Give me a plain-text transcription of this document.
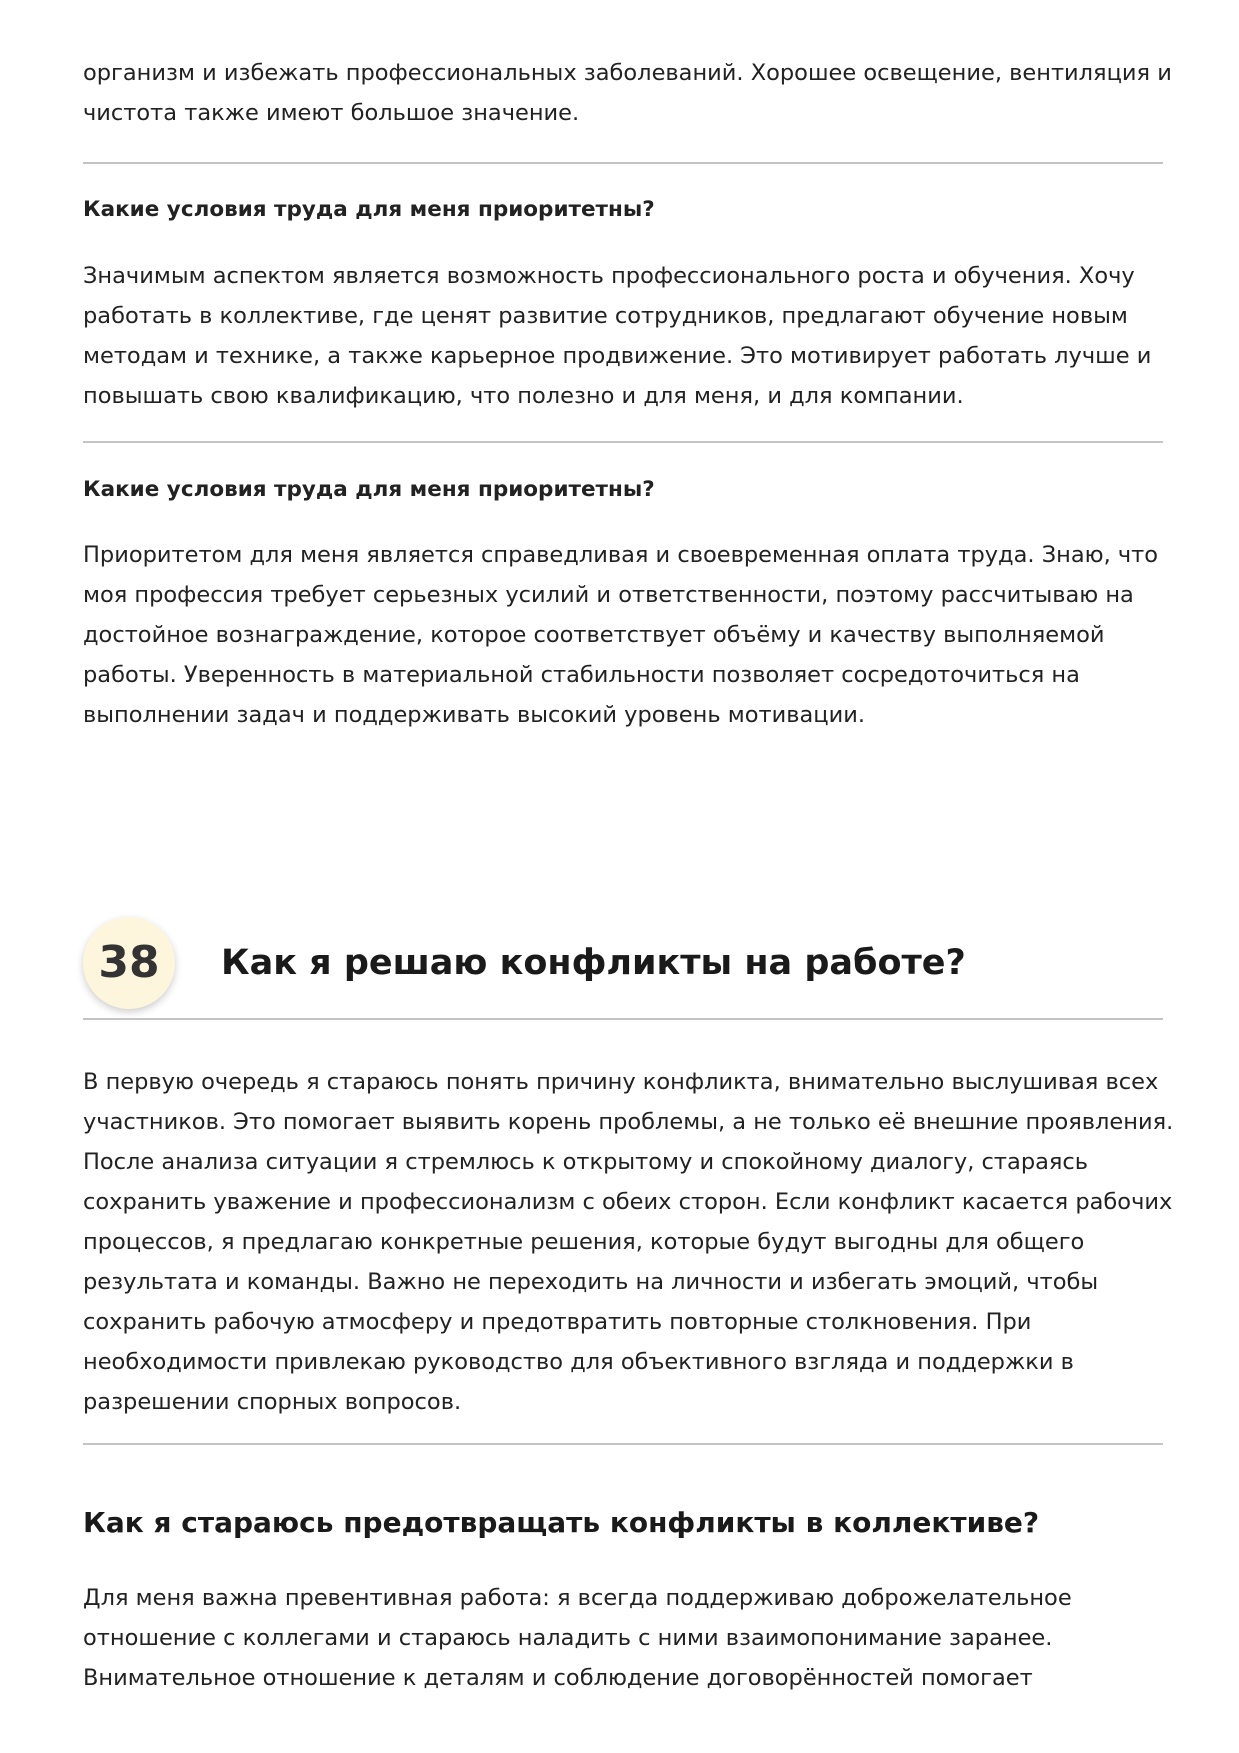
организм и избежать профессиональных заболеваний. Хорошее освещение, вентиляция и

чистота также имеют большое значение.

Какие условия труда для меня приоритетны?

Значимым аспектом является возможность профессионального роста и обучения. Хочу

работать в коллективе, где ценят развитие сотрудников, предлагают обучение новым

методам и технике, а также карьерное продвижение. Это мотивирует работать лучше и

повышать свою квалификацию, что полезно и для меня, и для компании.

Какие условия труда для меня приоритетны?

Приоритетом для меня является справедливая и своевременная оплата труда. Знаю, что

моя профессия требует серьезных усилий и ответственности, поэтому рассчитываю на

достойное вознаграждение, которое соответствует объёму и качеству выполняемой

работы. Уверенность в материальной стабильности позволяет сосредоточиться на

выполнении задач и поддерживать высокий уровень мотивации.

38	Как я решаю конфликты на работе?

В первую очередь я стараюсь понять причину конфликта, внимательно выслушивая всех

участников. Это помогает выявить корень проблемы, а не только её внешние проявления.

После анализа ситуации я стремлюсь к открытому и спокойному диалогу, стараясь

сохранить уважение и профессионализм с обеих сторон. Если конфликт касается рабочих

процессов, я предлагаю конкретные решения, которые будут выгодны для общего

результата и команды. Важно не переходить на личности и избегать эмоций, чтобы

сохранить рабочую атмосферу и предотвратить повторные столкновения. При

необходимости привлекаю руководство для объективного взгляда и поддержки в

разрешении спорных вопросов.

Как я стараюсь предотвращать конфликты в коллективе?

Для меня важна превентивная работа: я всегда поддерживаю доброжелательное

отношение с коллегами и стараюсь наладить с ними взаимопонимание заранее.

Внимательное отношение к деталям и соблюдение договорённостей помогает
